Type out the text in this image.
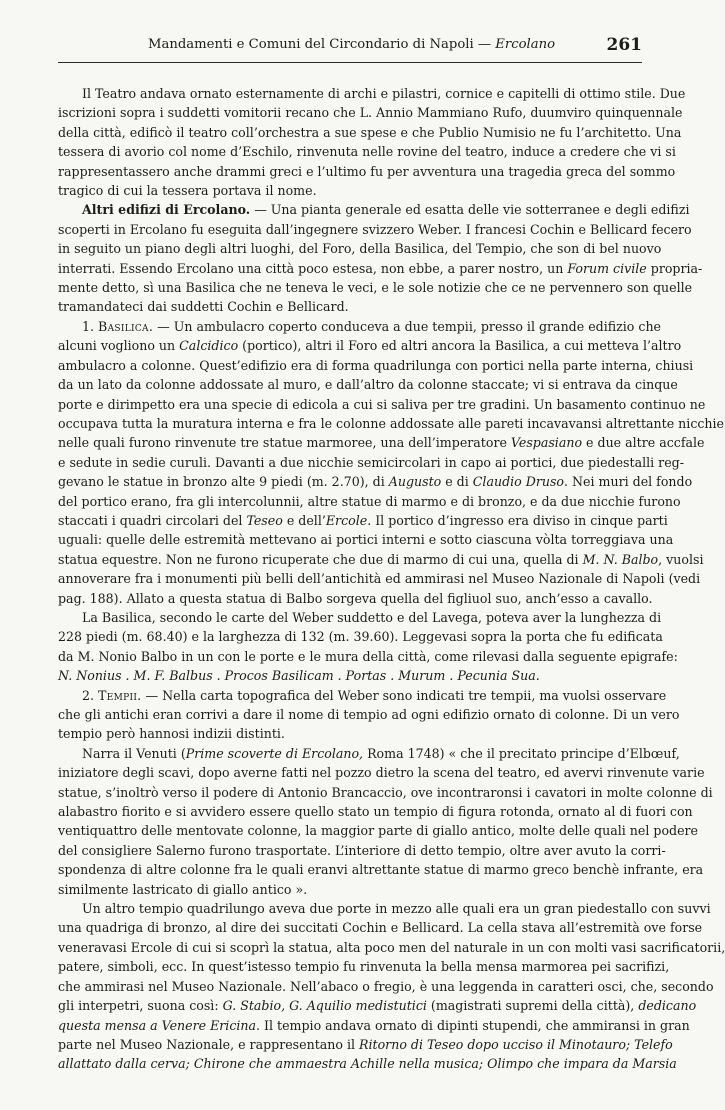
Mandamenti e Comuni del Circondario di Napoli — Ercolano	261
Il Teatro andava ornato esternamente di archi e pilastri, cornice e capitelli di ottimo stile. Due
iscrizioni sopra i suddetti vomitorii recano che L. Annio Mammiano Rufo, duumviro quinquennale
della città, edificò il teatro coll’orchestra a sue spese e che Publio Numisio ne fu l’architetto. Una
tessera di avorio col nome d’Eschilo, rinvenuta nelle rovine del teatro, induce a credere che vi si
rappresentassero anche drammi greci e l’ultimo fu per avventura una tragedia greca del sommo
tragico di cui la tessera portava il nome.
Altri edifizi di Ercolano. — Una pianta generale ed esatta delle vie sotterranee e degli edifizi
scoperti in Ercolano fu eseguita dall’ingegnere svizzero Weber. I francesi Cochin e Bellicard fecero
in seguito un piano degli altri luoghi, del Foro, della Basilica, del Tempio, che son di bel nuovo
interrati. Essendo Ercolano una città poco estesa, non ebbe, a parer nostro, un Forum civile propria-
mente detto, sì una Basilica che ne teneva le veci, e le sole notizie che ce ne pervennero son quelle
tramandateci dai suddetti Cochin e Bellicard.
1. Basilica. — Un ambulacro coperto conduceva a due tempii, presso il grande edifizio che
alcuni vogliono un Calcidico (portico), altri il Foro ed altri ancora la Basilica, a cui metteva l’altro
ambulacro a colonne. Quest’edifizio era di forma quadrilunga con portici nella parte interna, chiusi
da un lato da colonne addossate al muro, e dall’altro da colonne staccate; vi si entrava da cinque
porte e dirimpetto era una specie di edicola a cui si saliva per tre gradini. Un basamento continuo ne
occupava tutta la muratura interna e fra le colonne addossate alle pareti incavavansi altrettante nicchie
nelle quali furono rinvenute tre statue marmoree, una dell’imperatore Vespasiano e due altre accfale
e sedute in sedie curuli. Davanti a due nicchie semicircolari in capo ai portici, due piedestalli reg-
gevano le statue in bronzo alte 9 piedi (m. 2.70), di Augusto e di Claudio Druso. Nei muri del fondo
del portico erano, fra gli intercolunnii, altre statue di marmo e di bronzo, e da due nicchie furono
staccati i quadri circolari del Teseo e dell’Ercole. Il portico d’ingresso era diviso in cinque parti
uguali: quelle delle estremità mettevano ai portici interni e sotto ciascuna vòlta torreggiava una
statua equestre. Non ne furono ricuperate che due di marmo di cui una, quella di M. N. Balbo, vuolsi
annoverare fra i monumenti più belli dell’antichità ed ammirasi nel Museo Nazionale di Napoli (vedi
pag. 188). Allato a questa statua di Balbo sorgeva quella del figliuol suo, anch’esso a cavallo.
La Basilica, secondo le carte del Weber suddetto e del Lavega, poteva aver la lunghezza di
228 piedi (m. 68.40) e la larghezza di 132 (m. 39.60). Leggevasi sopra la porta che fu edificata
da M. Nonio Balbo in un con le porte e le mura della città, come rilevasi dalla seguente epigrafe:
N. Nonius . M. F. Balbus . Procos Basilicam . Portas . Murum . Pecunia Sua.
2. Tempii. — Nella carta topografica del Weber sono indicati tre tempii, ma vuolsi osservare
che gli antichi eran corrivi a dare il nome di tempio ad ogni edifizio ornato di colonne. Di un vero
tempio però hannosi indizii distinti.
Narra il Venuti (Prime scoverte di Ercolano, Roma 1748) « che il precitato principe d’Elbœuf,
iniziatore degli scavi, dopo averne fatti nel pozzo dietro la scena del teatro, ed avervi rinvenute varie
statue, s’inoltrò verso il podere di Antonio Brancaccio, ove incontraronsi i cavatori in molte colonne di
alabastro fiorito e si avvidero essere quello stato un tempio di figura rotonda, ornato al di fuori con
ventiquattro delle mentovate colonne, la maggior parte di giallo antico, molte delle quali nel podere
del consigliere Salerno furono trasportate. L’interiore di detto tempio, oltre aver avuto la corri-
spondenza di altre colonne fra le quali eranvi altrettante statue di marmo greco benchè infrante, era
similmente lastricato di giallo antico ».
Un altro tempio quadrilungo aveva due porte in mezzo alle quali era un gran piedestallo con suvvi
una quadriga di bronzo, al dire dei succitati Cochin e Bellicard. La cella stava all’estremità ove forse
veneravasi Ercole di cui si scoprì la statua, alta poco men del naturale in un con molti vasi sacrificatorii,
patere, simboli, ecc. In quest’istesso tempio fu rinvenuta la bella mensa marmorea pei sacrifizi,
che ammirasi nel Museo Nazionale. Nell’abaco o fregio, è una leggenda in caratteri osci, che, secondo
gli interpetri, suona così: G. Stabio, G. Aquilio medistutici (magistrati supremi della città), dedicano
questa mensa a Venere Ericina. Il tempio andava ornato di dipinti stupendi, che ammiransi in gran
parte nel Museo Nazionale, e rappresentano il Ritorno di Teseo dopo ucciso il Minotauro; Telefo
allattato dalla cerva; Chirone che ammaestra Achille nella musica; Olimpo che impara da Marsia
